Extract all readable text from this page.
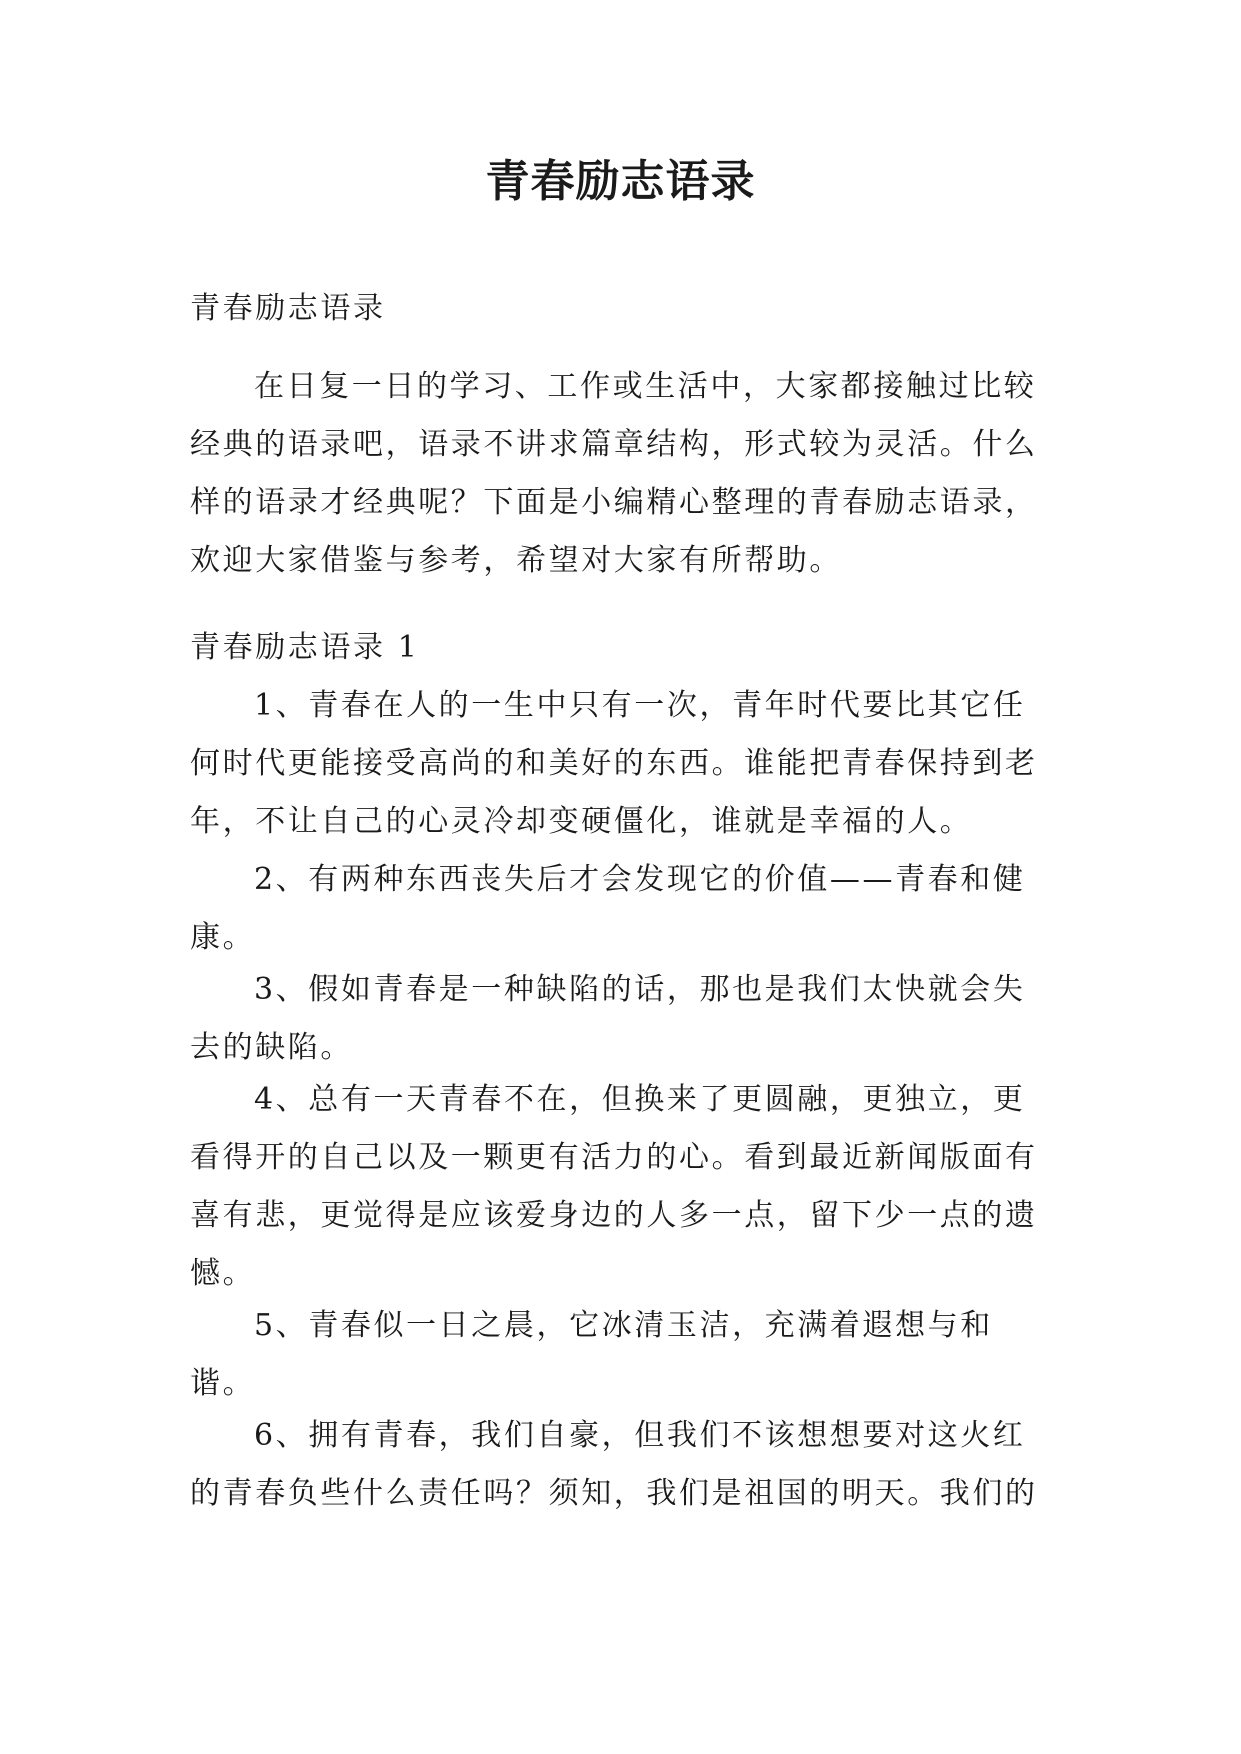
青春励志语录

青春励志语录

在日复一日的学习、工作或生活中，大家都接触过比较经典的语录吧，语录不讲求篇章结构，形式较为灵活。什么样的语录才经典呢？下面是小编精心整理的青春励志语录，欢迎大家借鉴与参考，希望对大家有所帮助。

青春励志语录 1

1、青春在人的一生中只有一次，青年时代要比其它任何时代更能接受高尚的和美好的东西。谁能把青春保持到老年，不让自己的心灵冷却变硬僵化，谁就是幸福的人。
2、有两种东西丧失后才会发现它的价值——青春和健康。
3、假如青春是一种缺陷的话，那也是我们太快就会失去的缺陷。
4、总有一天青春不在，但换来了更圆融，更独立，更看得开的自己以及一颗更有活力的心。看到最近新闻版面有喜有悲，更觉得是应该爱身边的人多一点，留下少一点的遗憾。
5、青春似一日之晨，它冰清玉洁，充满着遐想与和谐。
6、拥有青春，我们自豪，但我们不该想想要对这火红的青春负些什么责任吗？须知，我们是祖国的明天。我们的
